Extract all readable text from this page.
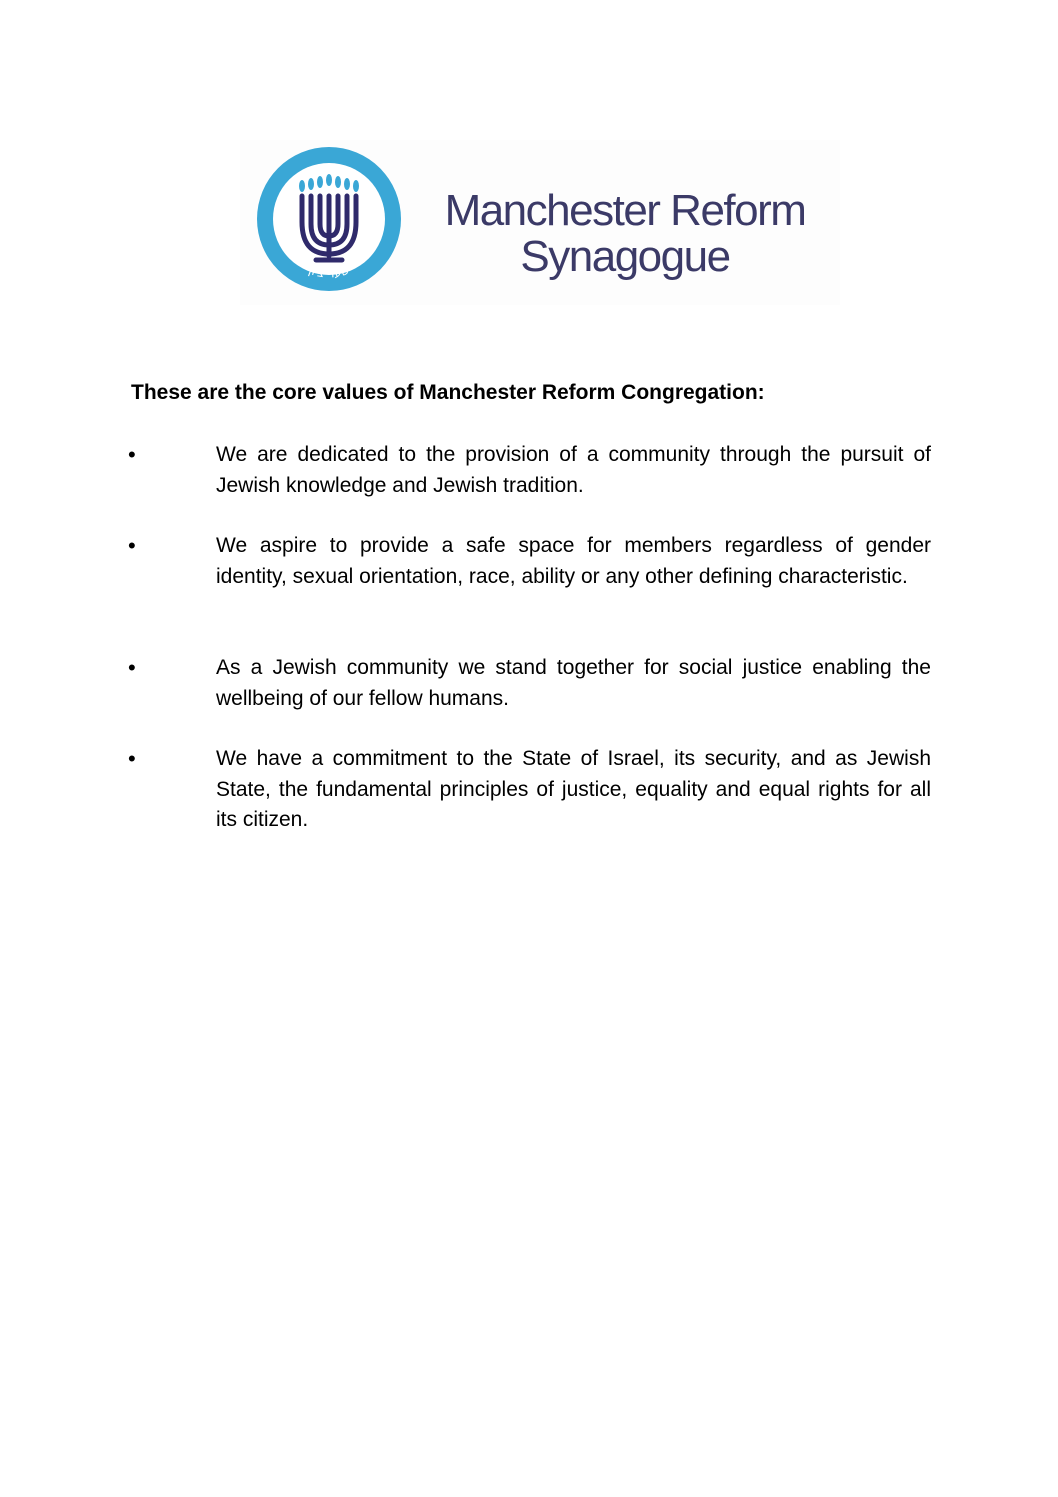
שער ציון
Manchester Reform
Synagogue
These are the core values of Manchester Reform Congregation:
•	We are dedicated to the provision of a community through the pursuit of Jewish knowledge and Jewish tradition.
•	We aspire to provide a safe space for members regardless of gender identity, sexual orientation, race, ability or any other defining characteristic.
•	As a Jewish community we stand together for social justice enabling the wellbeing of our fellow humans.
•	We have a commitment to the State of Israel, its security, and as Jewish State, the fundamental principles of justice, equality and equal rights for all its citizen.
